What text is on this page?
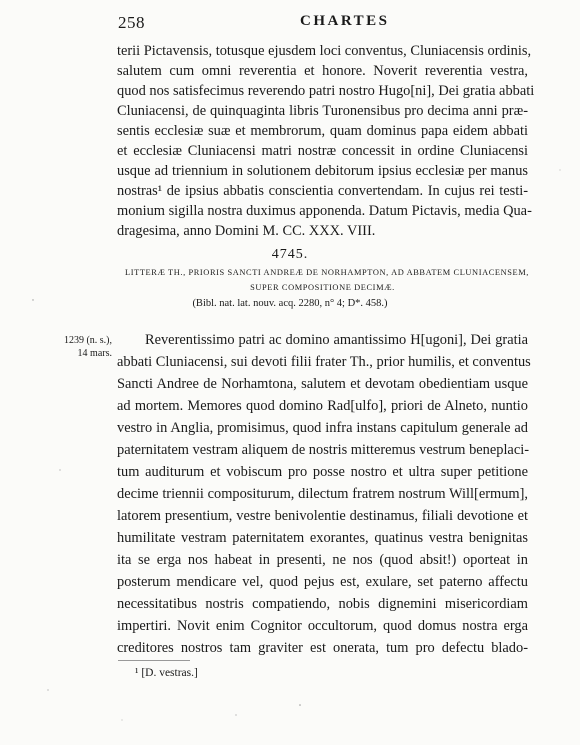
258	CHARTES
terii Pictavensis, totusque ejusdem loci conventus, Cluniacensis ordinis,
salutem cum omni reverentia et honore. Noverit reverentia vestra,
quod nos satisfecimus reverendo patri nostro Hugo[ni], Dei gratia abbati
Cluniacensi, de quinquaginta libris Turonensibus pro decima anni præ-
sentis ecclesiæ suæ et membrorum, quam dominus papa eidem abbati
et ecclesiæ Cluniacensi matri nostræ concessit in ordine Cluniacensi
usque ad triennium in solutionem debitorum ipsius ecclesiæ per manus
nostras¹ de ipsius abbatis conscientia convertendam. In cujus rei testi-
monium sigilla nostra duximus apponenda. Datum Pictavis, media Qua-
dragesima, anno Domini M. CC. XXX. VIII.
4745.
LITTERÆ TH., PRIORIS SANCTI ANDREÆ DE NORHAMPTON, AD ABBATEM CLUNIACENSEM,
SUPER COMPOSITIONE DECIMÆ.
(Bibl. nat. lat. nouv. acq. 2280, n° 4; D*. 458.)
1239 (n. s.),
14 mars.
Reverentissimo patri ac domino amantissimo H[ugoni], Dei gratia
abbati Cluniacensi, sui devoti filii frater Th., prior humilis, et conventus
Sancti Andree de Norhamtona, salutem et devotam obedientiam usque
ad mortem. Memores quod domino Rad[ulfo], priori de Alneto, nuntio
vestro in Anglia, promisimus, quod infra instans capitulum generale ad
paternitatem vestram aliquem de nostris mitteremus vestrum beneplaci-
tum auditurum et vobiscum pro posse nostro et ultra super petitione
decime triennii compositurum, dilectum fratrem nostrum Will[ermum],
latorem presentium, vestre benivolentie destinamus, filiali devotione et
humilitate vestram paternitatem exorantes, quatinus vestra benignitas
ita se erga nos habeat in presenti, ne nos (quod absit!) oporteat in
posterum mendicare vel, quod pejus est, exulare, set paterno affectu
necessitatibus nostris compatiendo, nobis dignemini misericordiam
impertiri. Novit enim Cognitor occultorum, quod domus nostra erga
creditores nostros tam graviter est onerata, tum pro defectu blado-
¹ [D. vestras.]
